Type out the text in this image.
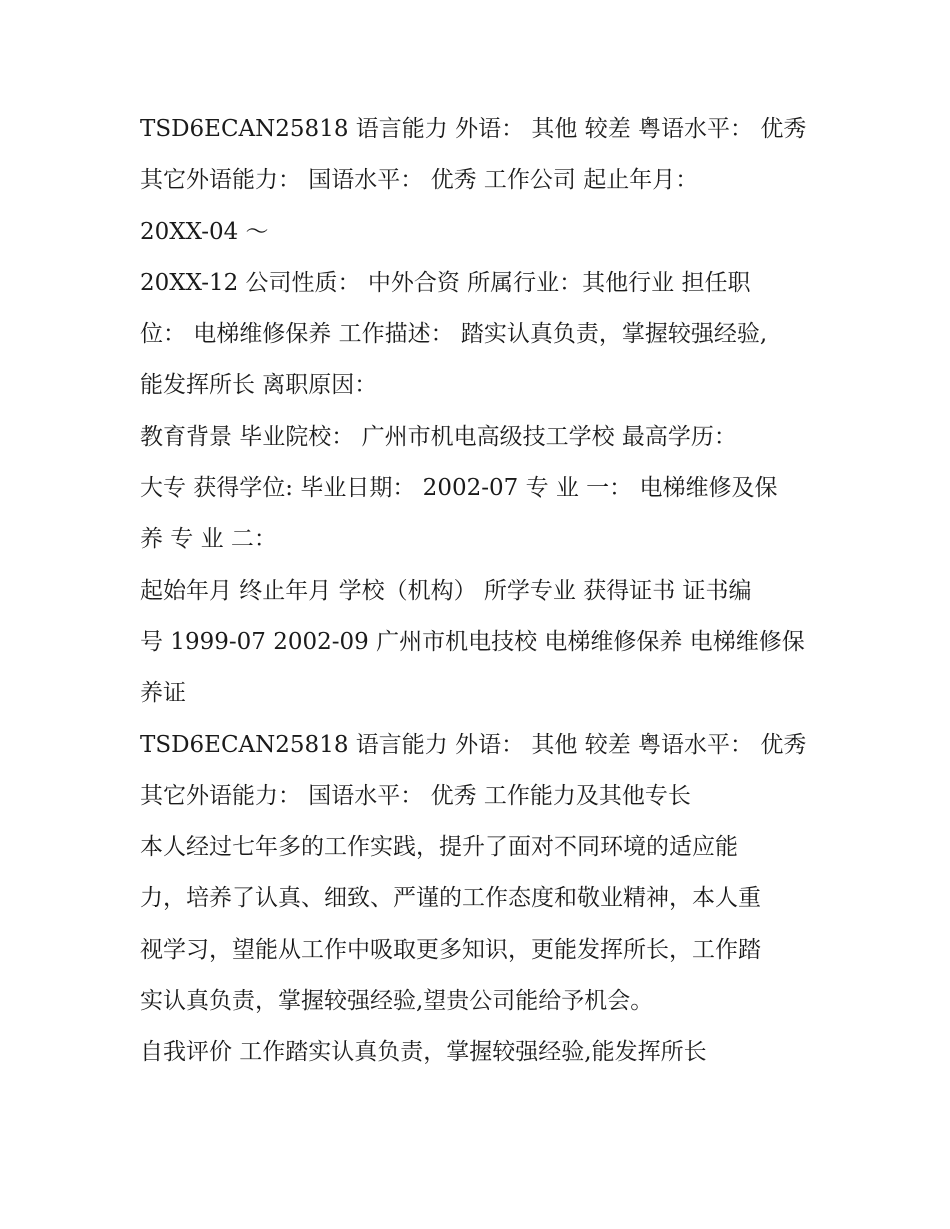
TSD6ECAN25818 语言能力 外语： 其他 较差 粤语水平： 优秀
其它外语能力： 国语水平： 优秀 工作公司 起止年月：
20XX-04 ～
20XX-12 公司性质： 中外合资 所属行业：其他行业 担任职
位： 电梯维修保养 工作描述： 踏实认真负责，掌握较强经验,
能发挥所长 离职原因：
教育背景 毕业院校： 广州市机电高级技工学校 最高学历：
大专 获得学位: 毕业日期： 2002-07 专 业 一： 电梯维修及保
养 专 业 二：
起始年月 终止年月 学校（机构） 所学专业 获得证书 证书编
号 1999-07 2002-09 广州市机电技校 电梯维修保养 电梯维修保
养证
TSD6ECAN25818 语言能力 外语： 其他 较差 粤语水平： 优秀
其它外语能力： 国语水平： 优秀 工作能力及其他专长
本人经过七年多的工作实践，提升了面对不同环境的适应能
力，培养了认真、细致、严谨的工作态度和敬业精神，本人重
视学习，望能从工作中吸取更多知识，更能发挥所长，工作踏
实认真负责，掌握较强经验,望贵公司能给予机会。
自我评价 工作踏实认真负责，掌握较强经验,能发挥所长
